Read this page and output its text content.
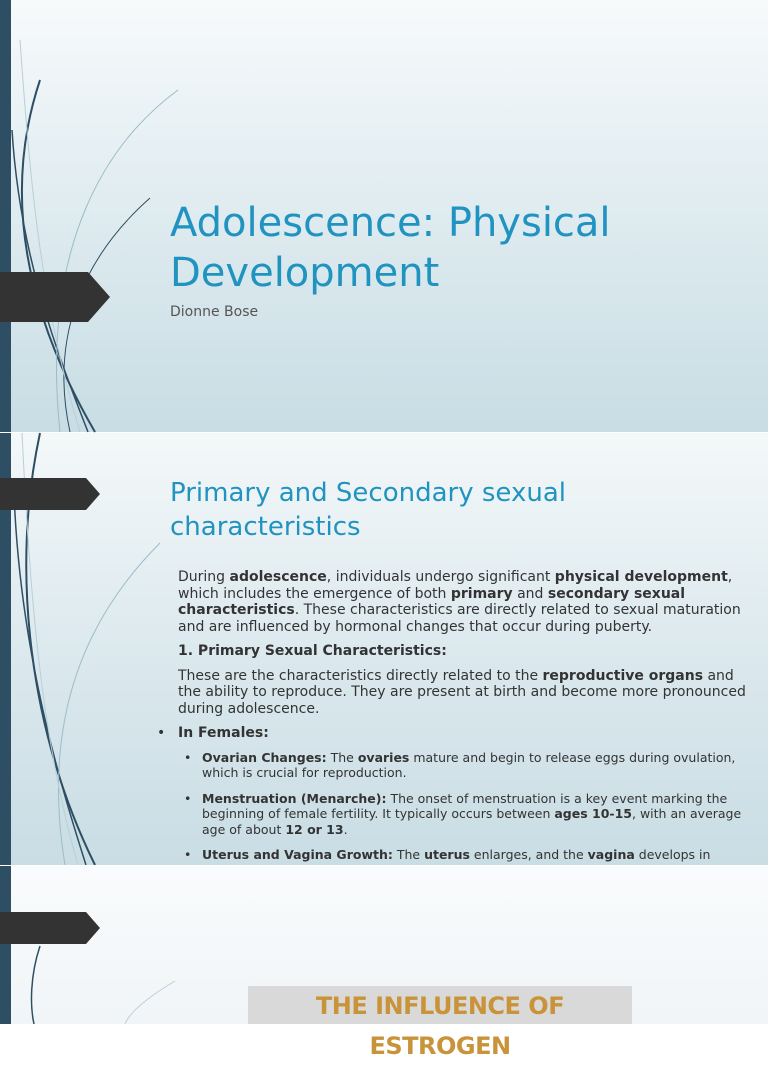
Adolescence: Physical
Development
Dionne Bose
Primary and Secondary sexual characteristics
During adolescence, individuals undergo significant physical development, which includes the emergence of both primary and secondary sexual characteristics. These characteristics are directly related to sexual maturation and are influenced by hormonal changes that occur during puberty.
1. Primary Sexual Characteristics:
These are the characteristics directly related to the reproductive organs and the ability to reproduce. They are present at birth and become more pronounced during adolescence.
• In Females:
• Ovarian Changes: The ovaries mature and begin to release eggs during ovulation, which is crucial for reproduction.
• Menstruation (Menarche): The onset of menstruation is a key event marking the beginning of female fertility. It typically occurs between ages 10-15, with an average age of about 12 or 13.
• Uterus and Vagina Growth: The uterus enlarges, and the vagina develops in
THE INFLUENCE OF ESTROGEN
